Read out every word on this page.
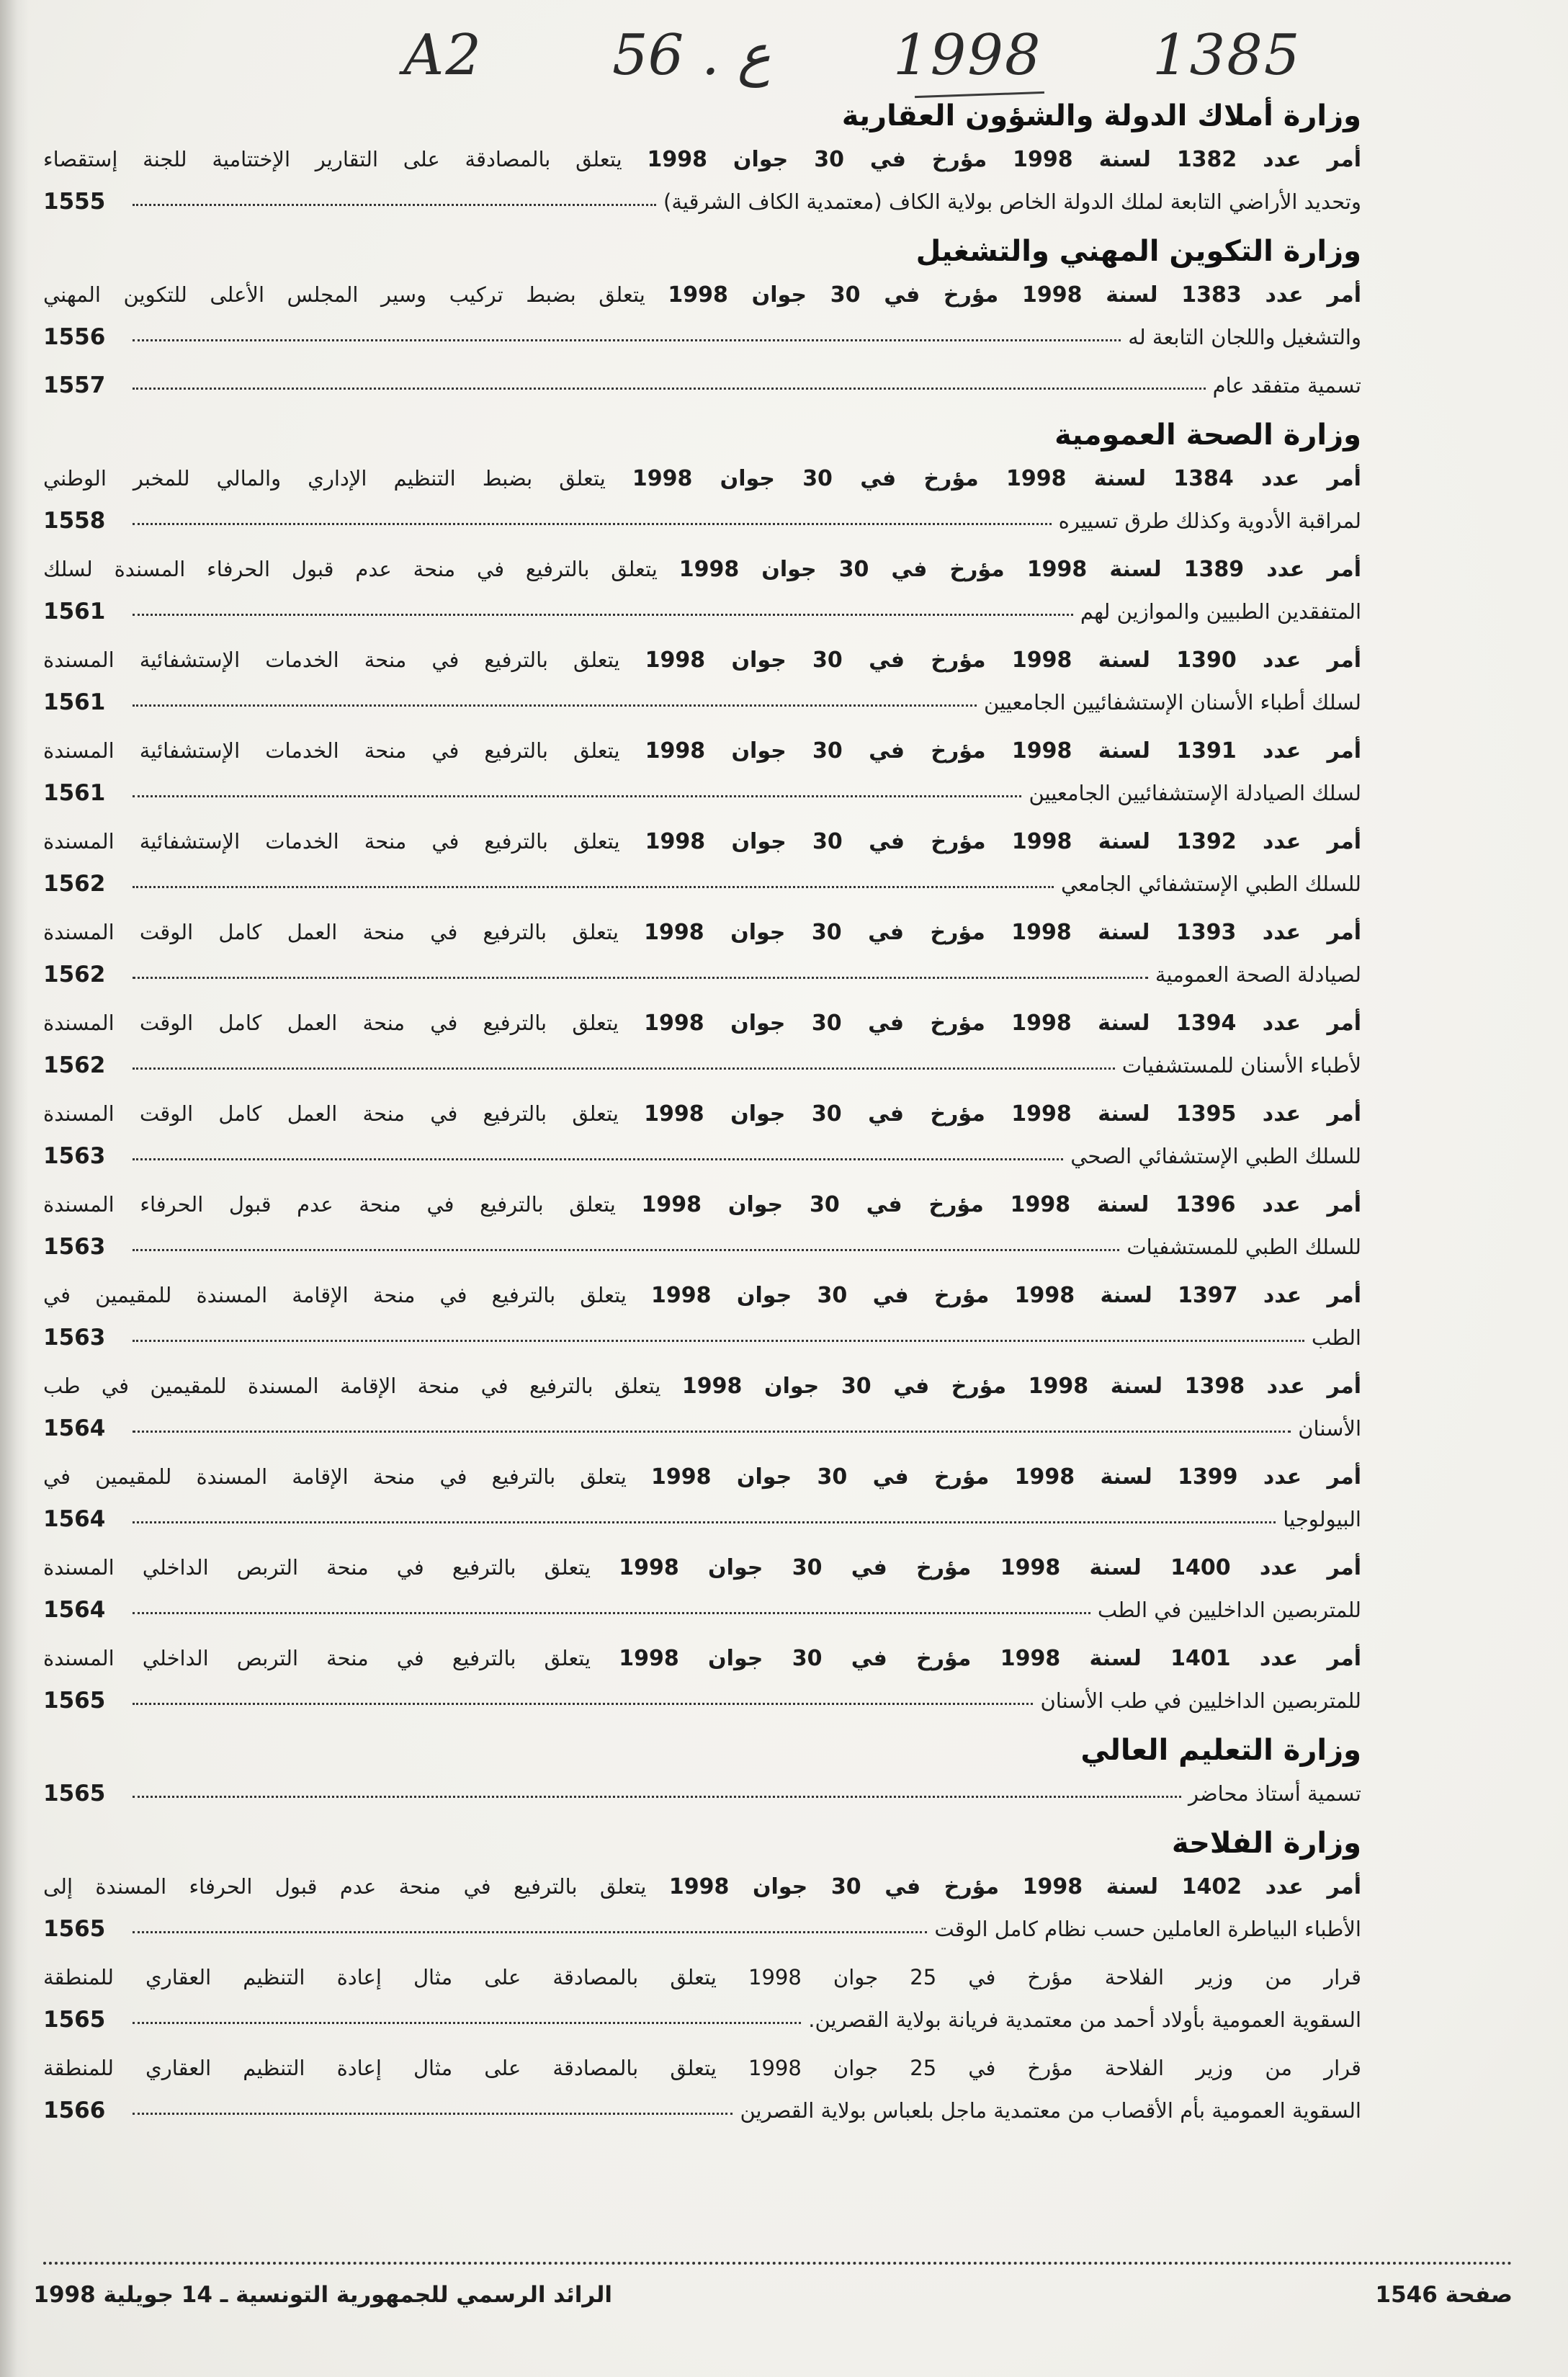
A2 56 . ع 1998 1385
وزارة أملاك الدولة والشؤون العقارية
أمر عدد 1382 لسنة 1998 مؤرخ في 30 جوان 1998 يتعلق بالمصادقة على التقارير الإختتامية للجنة إستقصاء
وتحديد الأراضي التابعة لملك الدولة الخاص بولاية الكاف (معتمدية الكاف الشرقية)
1555
وزارة التكوين المهني والتشغيل
أمر عدد 1383 لسنة 1998 مؤرخ في 30 جوان 1998 يتعلق بضبط تركيب وسير المجلس الأعلى للتكوين المهني
والتشغيل واللجان التابعة له
1556
تسمية متفقد عام
1557
وزارة الصحة العمومية
أمر عدد 1384 لسنة 1998 مؤرخ في 30 جوان 1998 يتعلق بضبط التنظيم الإداري والمالي للمخبر الوطني
لمراقبة الأدوية وكذلك طرق تسييره
1558
أمر عدد 1389 لسنة 1998 مؤرخ في 30 جوان 1998 يتعلق بالترفيع في منحة عدم قبول الحرفاء المسندة لسلك
المتفقدين الطبيين والموازين لهم
1561
أمر عدد 1390 لسنة 1998 مؤرخ في 30 جوان 1998 يتعلق بالترفيع في منحة الخدمات الإستشفائية المسندة
لسلك أطباء الأسنان الإستشفائيين الجامعيين
1561
أمر عدد 1391 لسنة 1998 مؤرخ في 30 جوان 1998 يتعلق بالترفيع في منحة الخدمات الإستشفائية المسندة
لسلك الصيادلة الإستشفائيين الجامعيين
1561
أمر عدد 1392 لسنة 1998 مؤرخ في 30 جوان 1998 يتعلق بالترفيع في منحة الخدمات الإستشفائية المسندة
للسلك الطبي الإستشفائي الجامعي
1562
أمر عدد 1393 لسنة 1998 مؤرخ في 30 جوان 1998 يتعلق بالترفيع في منحة العمل كامل الوقت المسندة
لصيادلة الصحة العمومية
1562
أمر عدد 1394 لسنة 1998 مؤرخ في 30 جوان 1998 يتعلق بالترفيع في منحة العمل كامل الوقت المسندة
لأطباء الأسنان للمستشفيات
1562
أمر عدد 1395 لسنة 1998 مؤرخ في 30 جوان 1998 يتعلق بالترفيع في منحة العمل كامل الوقت المسندة
للسلك الطبي الإستشفائي الصحي
1563
أمر عدد 1396 لسنة 1998 مؤرخ في 30 جوان 1998 يتعلق بالترفيع في منحة عدم قبول الحرفاء المسندة
للسلك الطبي للمستشفيات
1563
أمر عدد 1397 لسنة 1998 مؤرخ في 30 جوان 1998 يتعلق بالترفيع في منحة الإقامة المسندة للمقيمين في
الطب
1563
أمر عدد 1398 لسنة 1998 مؤرخ في 30 جوان 1998 يتعلق بالترفيع في منحة الإقامة المسندة للمقيمين في طب
الأسنان
1564
أمر عدد 1399 لسنة 1998 مؤرخ في 30 جوان 1998 يتعلق بالترفيع في منحة الإقامة المسندة للمقيمين في
البيولوجيا
1564
أمر عدد 1400 لسنة 1998 مؤرخ في 30 جوان 1998 يتعلق بالترفيع في منحة التربص الداخلي المسندة
للمتربصين الداخليين في الطب
1564
أمر عدد 1401 لسنة 1998 مؤرخ في 30 جوان 1998 يتعلق بالترفيع في منحة التربص الداخلي المسندة
للمتربصين الداخليين في طب الأسنان
1565
وزارة التعليم العالي
تسمية أستاذ محاضر
1565
وزارة الفلاحة
أمر عدد 1402 لسنة 1998 مؤرخ في 30 جوان 1998 يتعلق بالترفيع في منحة عدم قبول الحرفاء المسندة إلى
الأطباء البياطرة العاملين حسب نظام كامل الوقت
1565
قرار من وزير الفلاحة مؤرخ في 25 جوان 1998 يتعلق بالمصادقة على مثال إعادة التنظيم العقاري للمنطقة
السقوية العمومية بأولاد أحمد من معتمدية فريانة بولاية القصرين.
1565
قرار من وزير الفلاحة مؤرخ في 25 جوان 1998 يتعلق بالمصادقة على مثال إعادة التنظيم العقاري للمنطقة
السقوية العمومية بأم الأقصاب من معتمدية ماجل بلعباس بولاية القصرين
1566
صفحة 1546
الرائد الرسمي للجمهورية التونسية ـ 14 جويلية 1998
